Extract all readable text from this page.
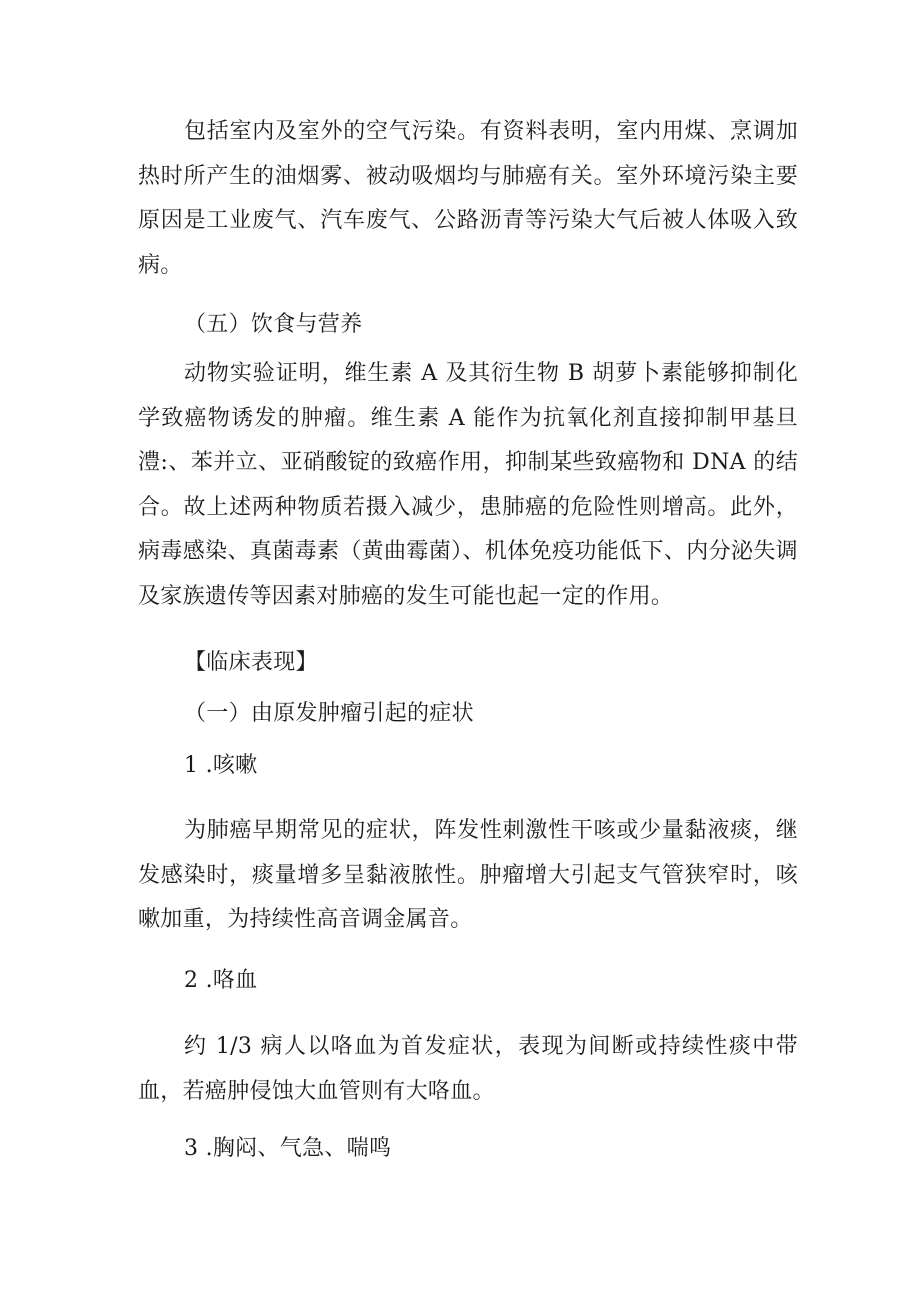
包括室内及室外的空气污染。有资料表明，室内用煤、烹调加热时所产生的油烟雾、被动吸烟均与肺癌有关。室外环境污染主要原因是工业废气、汽车废气、公路沥青等污染大气后被人体吸入致病。

（五）饮食与营养

动物实验证明，维生素 A 及其衍生物 B 胡萝卜素能够抑制化学致癌物诱发的肿瘤。维生素 A 能作为抗氧化剂直接抑制甲基旦澧:、苯并立、亚硝酸锭的致癌作用，抑制某些致癌物和 DNA 的结合。故上述两种物质若摄入减少，患肺癌的危险性则增高。此外，病毒感染、真菌毒素（黄曲霉菌）、机体免疫功能低下、内分泌失调及家族遗传等因素对肺癌的发生可能也起一定的作用。

【临床表现】

（一）由原发肿瘤引起的症状

1 .咳嗽

为肺癌早期常见的症状，阵发性刺激性干咳或少量黏液痰，继发感染时，痰量增多呈黏液脓性。肿瘤增大引起支气管狭窄时，咳嗽加重，为持续性高音调金属音。

2 .咯血

约 1/3 病人以咯血为首发症状，表现为间断或持续性痰中带血，若癌肿侵蚀大血管则有大咯血。

3 .胸闷、气急、喘鸣
